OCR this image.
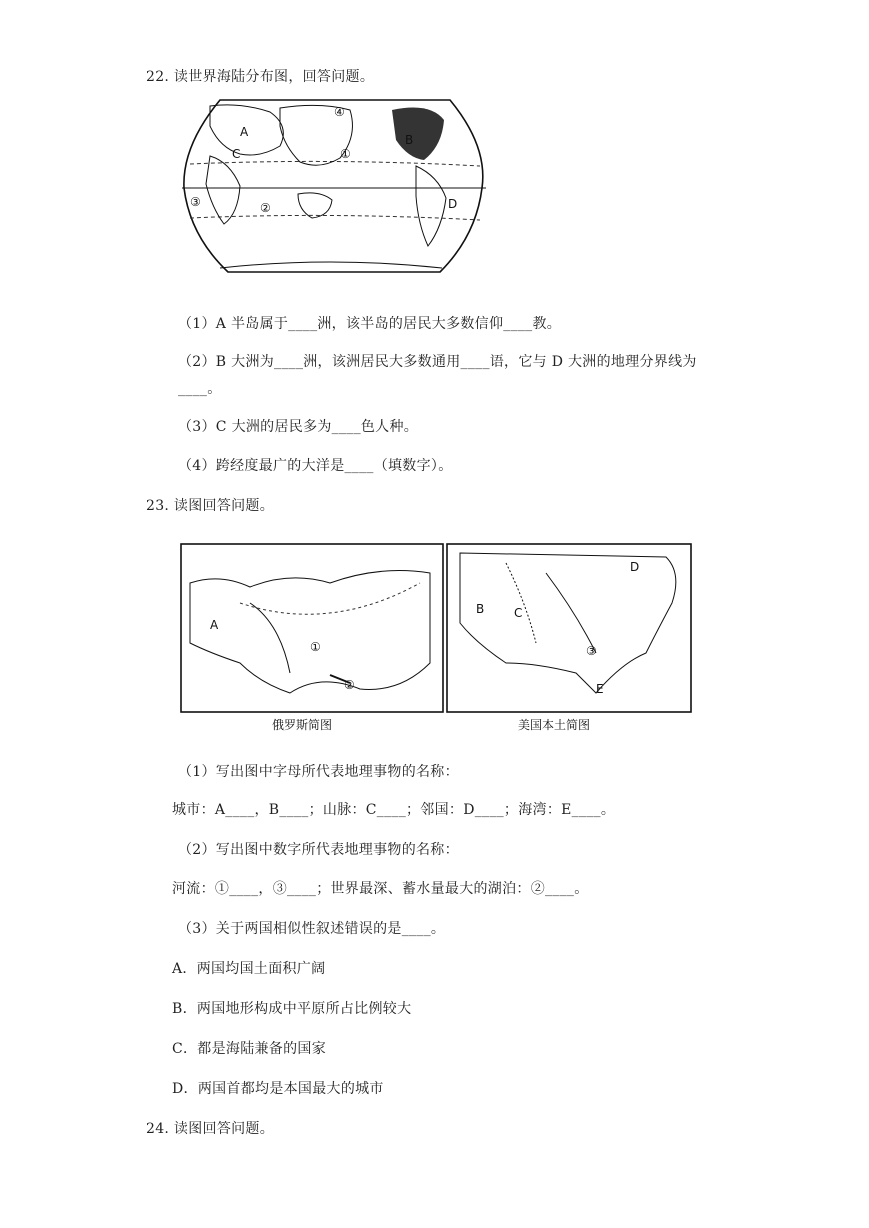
22. 读世界海陆分布图，回答问题。
A
B
C
D
①
②
③
④
（1）A 半岛属于____洲，该半岛的居民大多数信仰____教。
（2）B 大洲为____洲，该洲居民大多数通用____语，它与 D 大洲的地理分界线为
____。
（3）C 大洲的居民多为____色人种。
（4）跨经度最广的大洋是____（填数字）。
23. 读图回答问题。
A
①
②
俄罗斯简图
B C
D
E
③
美国本土简图
（1）写出图中字母所代表地理事物的名称：
城市：A____，B____；山脉：C____；邻国：D____；海湾：E____。
（2）写出图中数字所代表地理事物的名称：
河流：①____，③____；世界最深、蓄水量最大的湖泊：②____。
（3）关于两国相似性叙述错误的是____。
A．两国均国土面积广阔
B．两国地形构成中平原所占比例较大
C．都是海陆兼备的国家
D．两国首都均是本国最大的城市
24. 读图回答问题。
